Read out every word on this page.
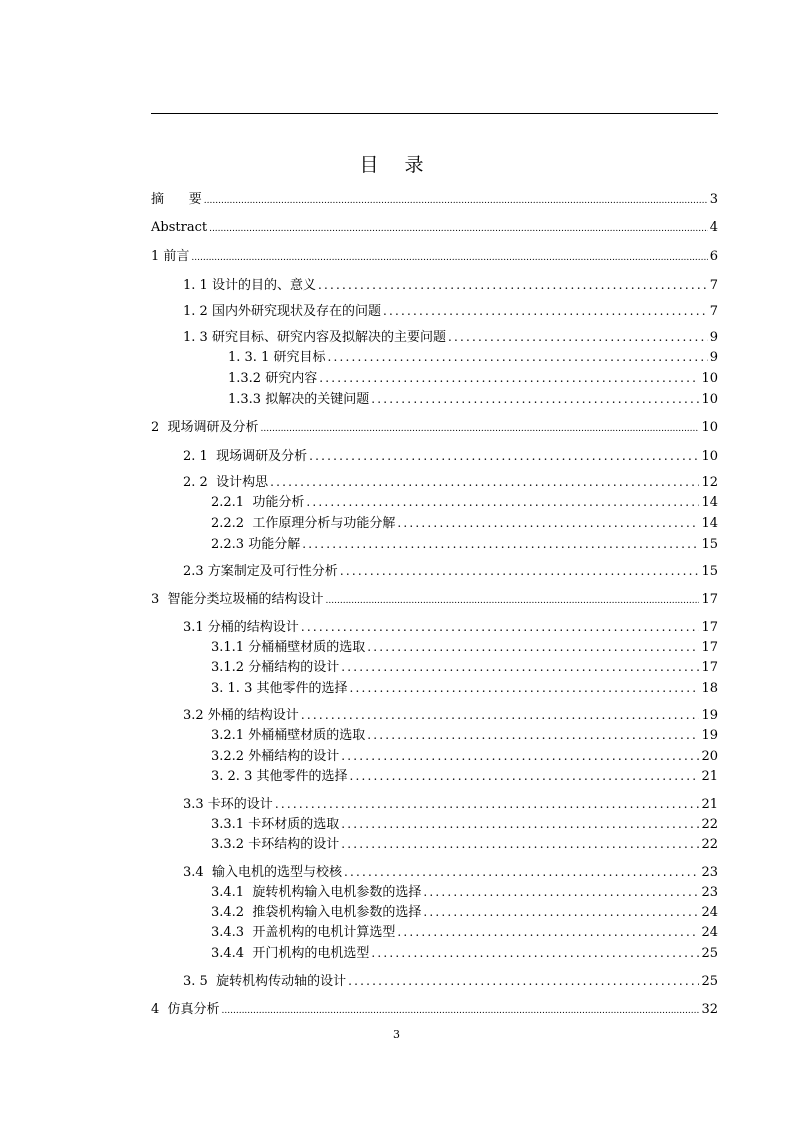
目 录
摘      要 .....	3
Abstract .....	4
1 前言 .....	6
1. 1 设计的目的、意义 .....	7
1. 2 国内外研究现状及存在的问题 .....	7
1. 3 研究目标、研究内容及拟解决的主要问题 .....	9
1. 3. 1 研究目标 .....	9
1.3.2 研究内容 .....	10
1.3.3 拟解决的关键问题 .....	10
2  现场调研及分析 .....	10
2. 1  现场调研及分析 .....	10
2. 2  设计构思 .....	12
2.2.1  功能分析 .....	14
2.2.2  工作原理分析与功能分解 .....	14
2.2.3 功能分解 .....	15
2.3 方案制定及可行性分析 .....	15
3  智能分类垃圾桶的结构设计 .....	17
3.1 分桶的结构设计 .....	17
3.1.1 分桶桶壁材质的选取 .....	17
3.1.2 分桶结构的设计 .....	17
3. 1. 3 其他零件的选择 .....	18
3.2 外桶的结构设计 .....	19
3.2.1 外桶桶壁材质的选取 .....	19
3.2.2 外桶结构的设计 .....	20
3. 2. 3 其他零件的选择 .....	21
3.3 卡环的设计 .....	21
3.3.1 卡环材质的选取 .....	22
3.3.2 卡环结构的设计 .....	22
3.4  输入电机的选型与校核 .....	23
3.4.1  旋转机构输入电机参数的选择 .....	23
3.4.2  推袋机构输入电机参数的选择 .....	24
3.4.3  开盖机构的电机计算选型 .....	24
3.4.4  开门机构的电机选型 .....	25
3. 5  旋转机构传动轴的设计 .....	25
4  仿真分析 .....	32
3
